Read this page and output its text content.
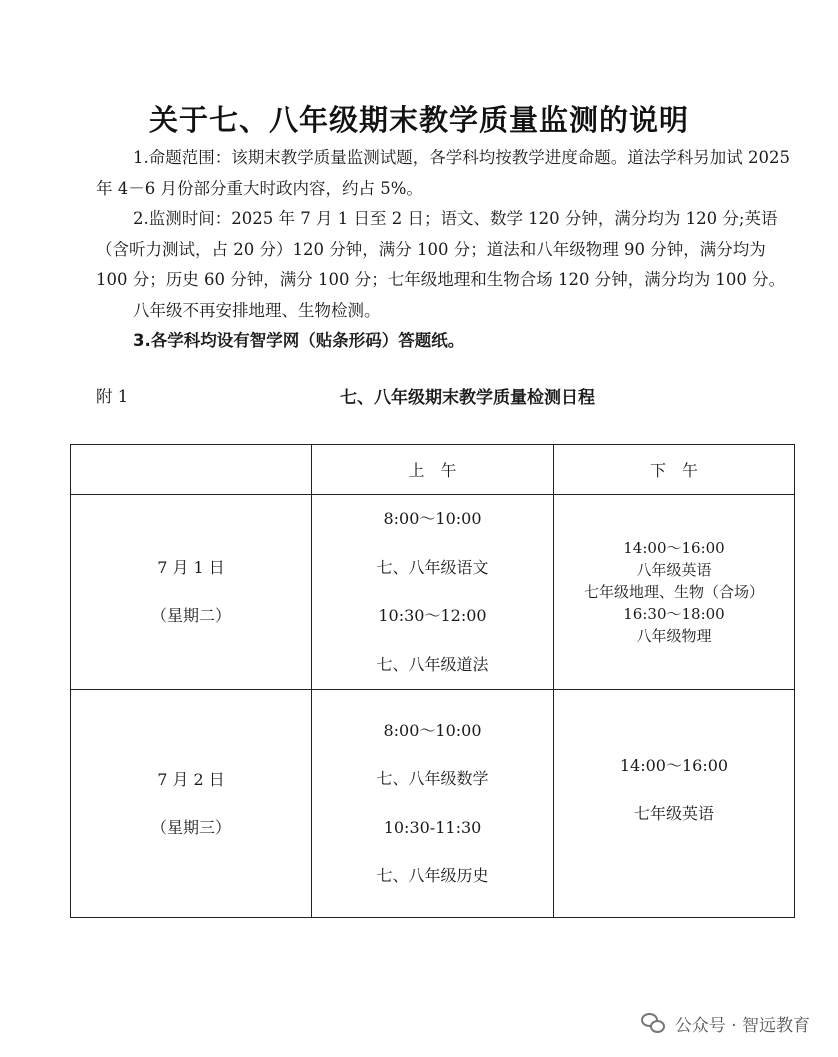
关于七、八年级期末教学质量监测的说明

1.命题范围：该期末教学质量监测试题，各学科均按教学进度命题。道法学科另加试 2025 年 4－6 月份部分重大时政内容，约占 5%。

2.监测时间：2025 年 7 月 1 日至 2 日；语文、数学 120 分钟，满分均为 120 分;英语（含听力测试，占 20 分）120 分钟，满分 100 分；道法和八年级物理 90 分钟，满分均为 100 分；历史 60 分钟，满分 100 分；七年级地理和生物合场 120 分钟，满分均为 100 分。

八年级不再安排地理、生物检测。

3.各学科均设有智学网（贴条形码）答题纸。

附 1	七、八年级期末教学质量检测日程
	上　午	下　午

7 月 1 日
（星期二）	8:00～10:00
七、八年级语文
10:30～12:00
七、八年级道法	14:00～16:00
八年级英语
七年级地理、生物（合场）
16:30～18:00
八年级物理

7 月 2 日
（星期三）	8:00～10:00
七、八年级数学
10:30-11:30
七、八年级历史	14:00～16:00
七年级英语
公众号 · 智远教育
